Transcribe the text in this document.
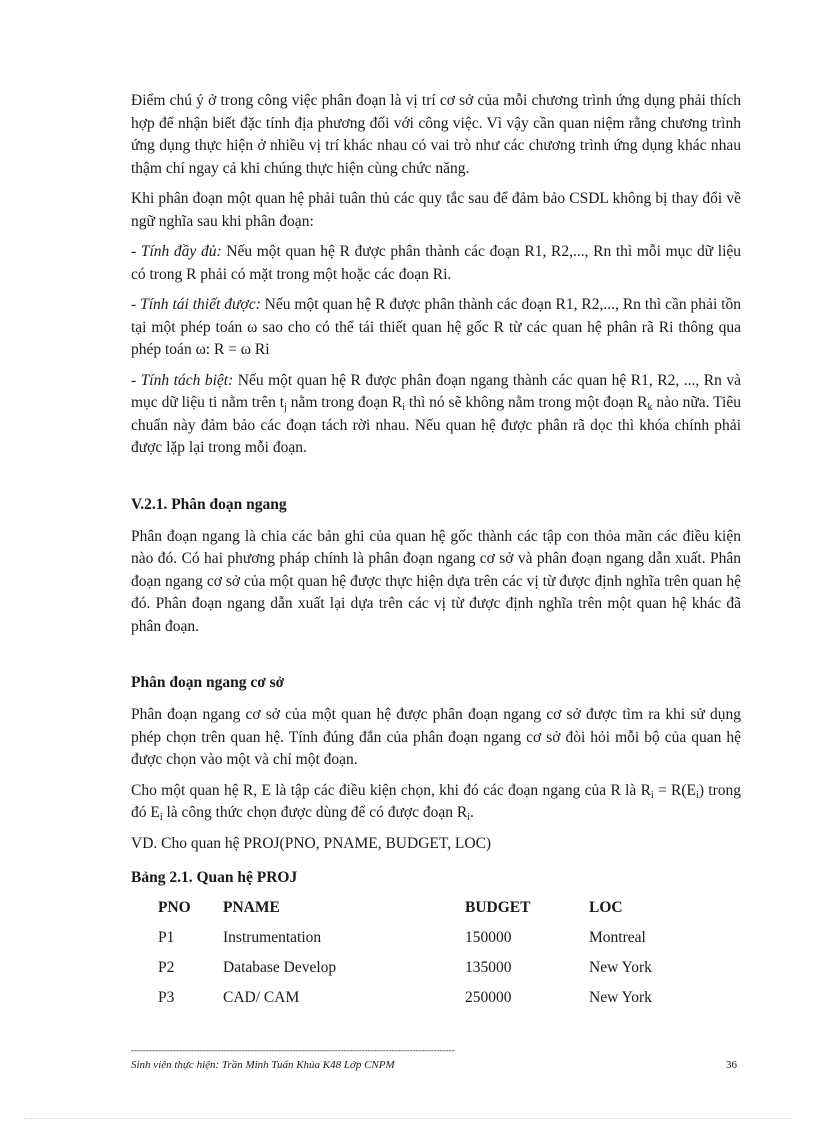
Điểm chú ý ở trong công việc phân đoạn là vị trí cơ sở của mỗi chương trình ứng dụng phải thích hợp để nhận biết đặc tính địa phương đối với công việc. Vì vậy cần quan niệm rằng chương trình ứng dụng thực hiện ở nhiều vị trí khác nhau có vai trò như các chương trình ứng dụng khác nhau thậm chí ngay cả khi chúng thực hiện cùng chức năng.

Khi phân đoạn một quan hệ phải tuân thủ các quy tắc sau để đảm bảo CSDL không bị thay đổi về ngữ nghĩa sau khi phân đoạn:

- Tính đầy đủ: Nếu một quan hệ R được phân thành các đoạn R1, R2,..., Rn thì mỗi mục dữ liệu có trong R phải có mặt trong một hoặc các đoạn Ri.

- Tính tái thiết được: Nếu một quan hệ R được phân thành các đoạn R1, R2,..., Rn thì cần phải tồn tại một phép toán ω sao cho có thể tái thiết quan hệ gốc R từ các quan hệ phân rã Ri thông qua phép toán ω: R = ω Ri

- Tính tách biệt: Nếu một quan hệ R được phân đoạn ngang thành các quan hệ R1, R2, ..., Rn và mục dữ liệu ti nằm trên $t_j$ nằm trong đoạn $R_i$ thì nó sẽ không nằm trong một đoạn $R_k$ nào nữa. Tiêu chuẩn này đảm bảo các đoạn tách rời nhau. Nếu quan hệ được phân rã dọc thì khóa chính phải được lặp lại trong mỗi đoạn.

V.2.1. Phân đoạn ngang

Phân đoạn ngang là chia các bản ghi của quan hệ gốc thành các tập con thỏa mãn các điều kiện nào đó. Có hai phương pháp chính là phân đoạn ngang cơ sở và phân đoạn ngang dẫn xuất. Phân đoạn ngang cơ sở của một quan hệ được thực hiện dựa trên các vị từ được định nghĩa trên quan hệ đó. Phân đoạn ngang dẫn xuất lại dựa trên các vị từ được định nghĩa trên một quan hệ khác đã phân đoạn.

Phân đoạn ngang cơ sở

Phân đoạn ngang cơ sở của một quan hệ được phân đoạn ngang cơ sở được tìm ra khi sử dụng phép chọn trên quan hệ. Tính đúng đắn của phân đoạn ngang cơ sở đòi hỏi mỗi bộ của quan hệ được chọn vào một và chỉ một đoạn.

Cho một quan hệ R, E là tập các điều kiện chọn, khi đó các đoạn ngang của R là $R_i = R(E_i)$ trong đó $E_i$ là công thức chọn được dùng để có được đoạn $R_i$.

VD. Cho quan hệ PROJ(PNO, PNAME, BUDGET, LOC)

Bảng 2.1. Quan hệ PROJ
PNO	PNAME	BUDGET	LOC
P1	Instrumentation	150000	Montreal
P2	Database Develop	135000	New York
P3	CAD/ CAM	250000	New York
------------------------------------------------------------------------------------------------------------
Sinh viên thực hiện: Trần Minh Tuấn Khúa K48 Lớp CNPM	36
